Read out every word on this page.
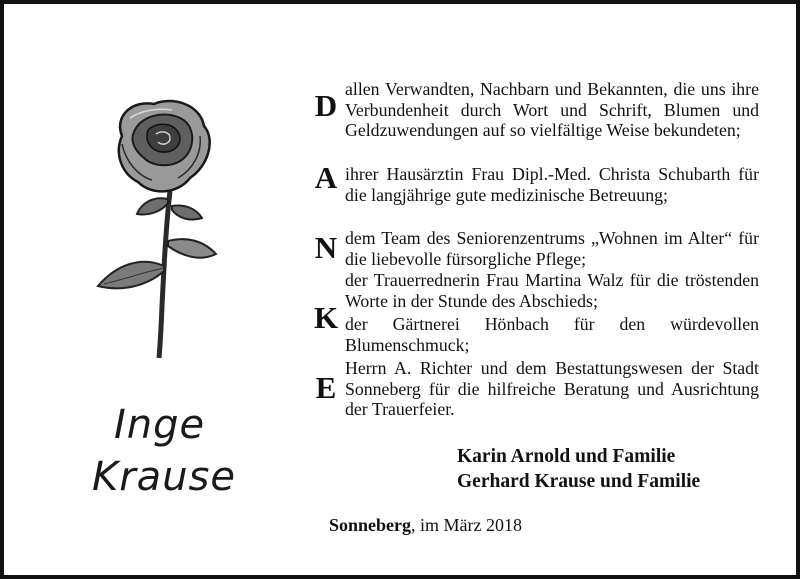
Inge
Krause
D
A
N
K
E
allen Verwandten, Nachbarn und Bekannten, die uns ihre Verbundenheit durch Wort und Schrift, Blumen und Geldzuwendungen auf so vielfältige Weise bekundeten;
ihrer Hausärztin Frau Dipl.-Med. Christa Schubarth für die langjährige gute medizinische Betreuung;
dem Team des Seniorenzentrums „Wohnen im Alter“ für die liebevolle fürsorgliche Pflege;
der Trauerrednerin Frau Martina Walz für die tröstenden Worte in der Stunde des Abschieds;
der Gärtnerei Hönbach für den würdevollen Blumenschmuck;
Herrn A. Richter und dem Bestattungswesen der Stadt Sonneberg für die hilfreiche Beratung und Ausrichtung der Trauerfeier.
Karin Arnold und Familie
Gerhard Krause und Familie
Sonneberg, im März 2018
